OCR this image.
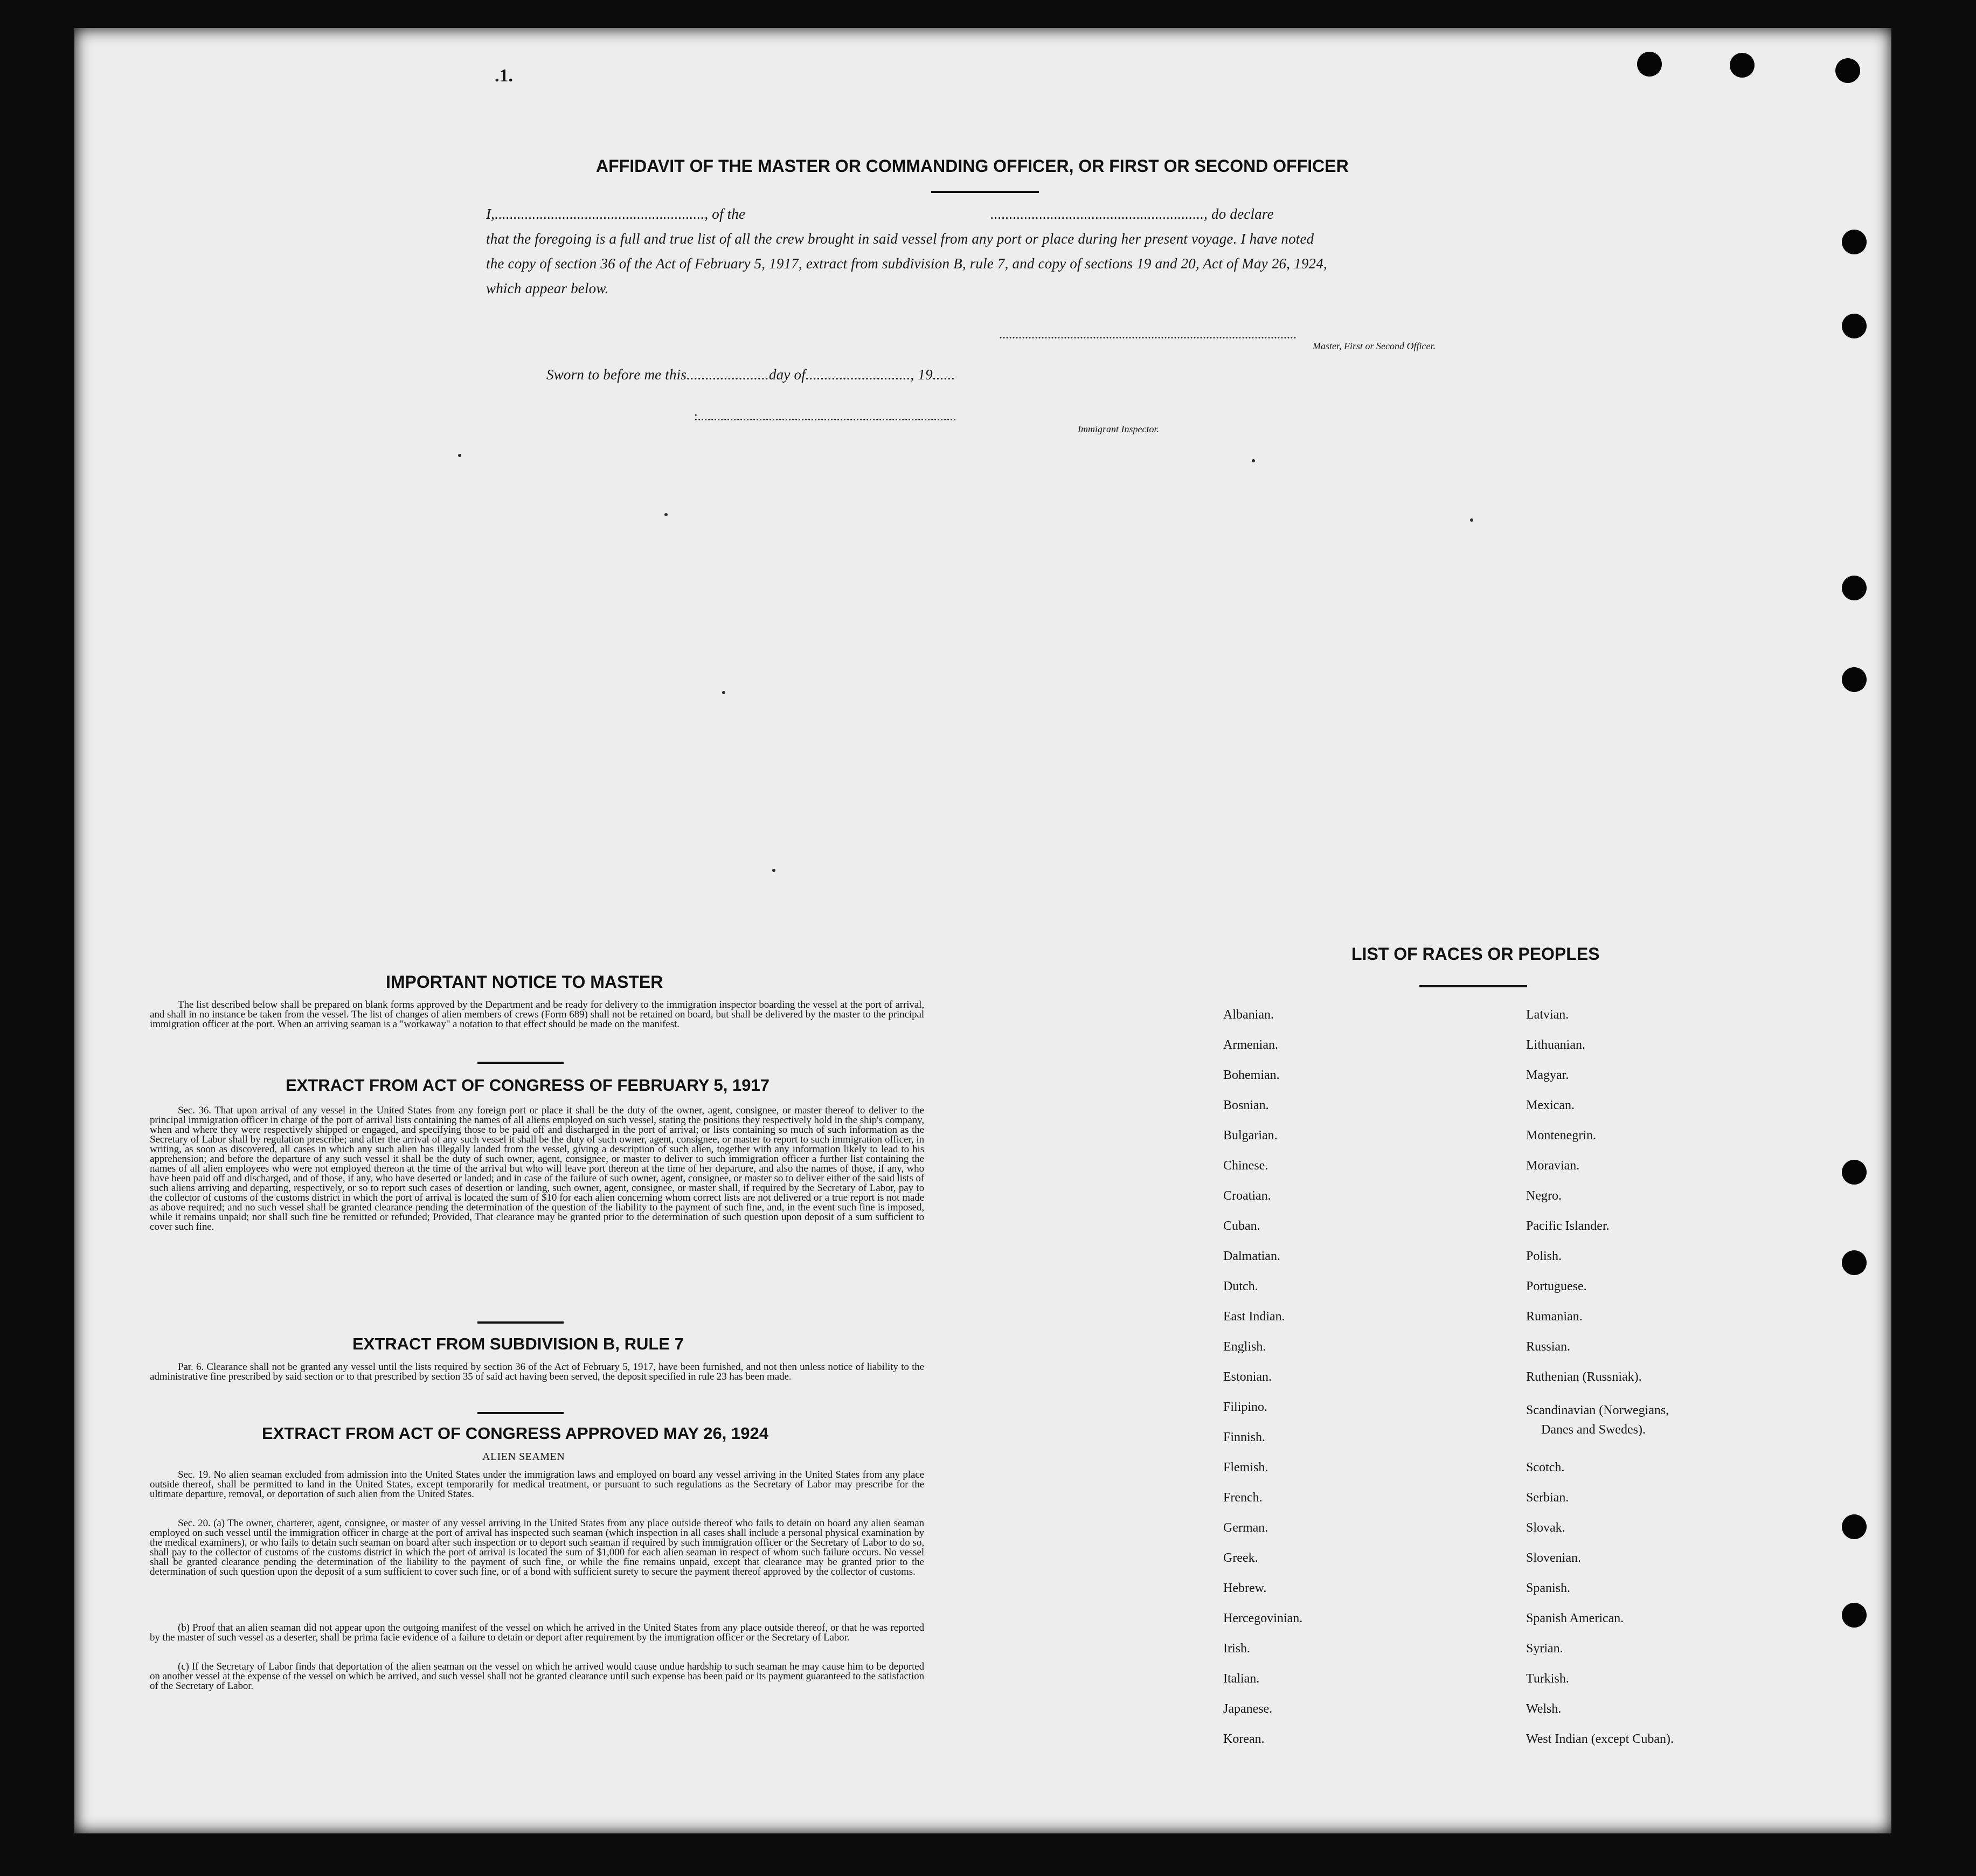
.1.
AFFIDAVIT OF THE MASTER OR COMMANDING OFFICER, OR FIRST OR SECOND OFFICER
I,........................................................, of the	........................................................., do declare
that the foregoing is a full and true list of all the crew brought in said vessel from any port or place during her present voyage. I have noted
the copy of section 36 of the Act of February 5, 1917, extract from subdivision B, rule 7, and copy of sections 19 and 20, Act of May 26, 1924,
which appear below.
............................................................................................
Master, First or Second Officer.
Sworn to before me this......................day of............................, 19......
:................................................................................
Immigrant Inspector.
IMPORTANT NOTICE TO MASTER
The list described below shall be prepared on blank forms approved by the Department and be ready for delivery to the immigration inspector boarding the vessel at the port of arrival, and shall in no instance be taken from the vessel. The list of changes of alien members of crews (Form 689) shall not be retained on board, but shall be delivered by the master to the principal immigration officer at the port. When an arriving seaman is a "workaway" a notation to that effect should be made on the manifest.
EXTRACT FROM ACT OF CONGRESS OF FEBRUARY 5, 1917
Sec. 36. That upon arrival of any vessel in the United States from any foreign port or place it shall be the duty of the owner, agent, consignee, or master thereof to deliver to the principal immigration officer in charge of the port of arrival lists containing the names of all aliens employed on such vessel, stating the positions they respectively hold in the ship's company, when and where they were respectively shipped or engaged, and specifying those to be paid off and discharged in the port of arrival; or lists containing so much of such information as the Secretary of Labor shall by regulation prescribe; and after the arrival of any such vessel it shall be the duty of such owner, agent, consignee, or master to report to such immigration officer, in writing, as soon as discovered, all cases in which any such alien has illegally landed from the vessel, giving a description of such alien, together with any information likely to lead to his apprehension; and before the departure of any such vessel it shall be the duty of such owner, agent, consignee, or master to deliver to such immigration officer a further list containing the names of all alien employees who were not employed thereon at the time of the arrival but who will leave port thereon at the time of her departure, and also the names of those, if any, who have been paid off and discharged, and of those, if any, who have deserted or landed; and in case of the failure of such owner, agent, consignee, or master so to deliver either of the said lists of such aliens arriving and departing, respectively, or so to report such cases of desertion or landing, such owner, agent, consignee, or master shall, if required by the Secretary of Labor, pay to the collector of customs of the customs district in which the port of arrival is located the sum of $10 for each alien concerning whom correct lists are not delivered or a true report is not made as above required; and no such vessel shall be granted clearance pending the determination of the question of the liability to the payment of such fine, and, in the event such fine is imposed, while it remains unpaid; nor shall such fine be remitted or refunded; Provided, That clearance may be granted prior to the determination of such question upon deposit of a sum sufficient to cover such fine.
EXTRACT FROM SUBDIVISION B, RULE 7
Par. 6. Clearance shall not be granted any vessel until the lists required by section 36 of the Act of February 5, 1917, have been furnished, and not then unless notice of liability to the administrative fine prescribed by said section or to that prescribed by section 35 of said act having been served, the deposit specified in rule 23 has been made.
EXTRACT FROM ACT OF CONGRESS APPROVED MAY 26, 1924
ALIEN SEAMEN
Sec. 19. No alien seaman excluded from admission into the United States under the immigration laws and employed on board any vessel arriving in the United States from any place outside thereof, shall be permitted to land in the United States, except temporarily for medical treatment, or pursuant to such regulations as the Secretary of Labor may prescribe for the ultimate departure, removal, or deportation of such alien from the United States.
Sec. 20. (a) The owner, charterer, agent, consignee, or master of any vessel arriving in the United States from any place outside thereof who fails to detain on board any alien seaman employed on such vessel until the immigration officer in charge at the port of arrival has inspected such seaman (which inspection in all cases shall include a personal physical examination by the medical examiners), or who fails to detain such seaman on board after such inspection or to deport such seaman if required by such immigration officer or the Secretary of Labor to do so, shall pay to the collector of customs of the customs district in which the port of arrival is located the sum of $1,000 for each alien seaman in respect of whom such failure occurs. No vessel shall be granted clearance pending the determination of the liability to the payment of such fine, or while the fine remains unpaid, except that clearance may be granted prior to the determination of such question upon the deposit of a sum sufficient to cover such fine, or of a bond with sufficient surety to secure the payment thereof approved by the collector of customs.
(b) Proof that an alien seaman did not appear upon the outgoing manifest of the vessel on which he arrived in the United States from any place outside thereof, or that he was reported by the master of such vessel as a deserter, shall be prima facie evidence of a failure to detain or deport after requirement by the immigration officer or the Secretary of Labor.
(c) If the Secretary of Labor finds that deportation of the alien seaman on the vessel on which he arrived would cause undue hardship to such seaman he may cause him to be deported on another vessel at the expense of the vessel on which he arrived, and such vessel shall not be granted clearance until such expense has been paid or its payment guaranteed to the satisfaction of the Secretary of Labor.
LIST OF RACES OR PEOPLES
Albanian.
Armenian.
Bohemian.
Bosnian.
Bulgarian.
Chinese.
Croatian.
Cuban.
Dalmatian.
Dutch.
East Indian.
English.
Estonian.
Filipino.
Finnish.
Flemish.
French.
German.
Greek.
Hebrew.
Hercegovinian.
Irish.
Italian.
Japanese.
Korean.
Latvian.
Lithuanian.
Magyar.
Mexican.
Montenegrin.
Moravian.
Negro.
Pacific Islander.
Polish.
Portuguese.
Rumanian.
Russian.
Ruthenian (Russniak).
Scandinavian (Norwegians,
Danes and Swedes).
Scotch.
Serbian.
Slovak.
Slovenian.
Spanish.
Spanish American.
Syrian.
Turkish.
Welsh.
West Indian (except Cuban).
